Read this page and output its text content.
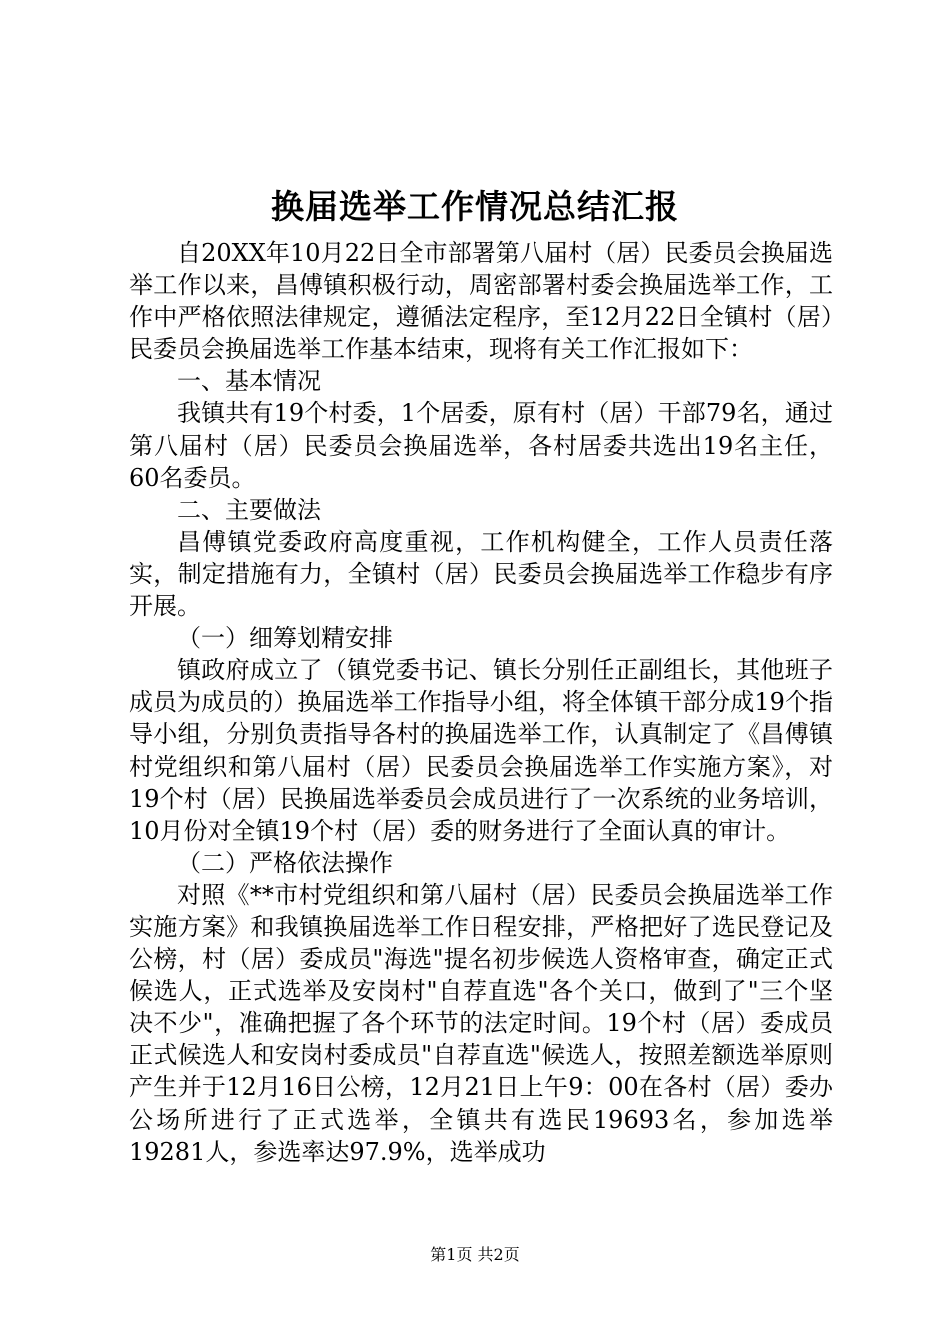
换届选举工作情况总结汇报

自20XX年10月22日全市部署第八届村（居）民委员会换届选举工作以来，昌傅镇积极行动，周密部署村委会换届选举工作，工作中严格依照法律规定，遵循法定程序，至12月22日全镇村（居）民委员会换届选举工作基本结束，现将有关工作汇报如下：

一、基本情况

我镇共有19个村委，1个居委，原有村（居）干部79名，通过第八届村（居）民委员会换届选举，各村居委共选出19名主任，60名委员。

二、主要做法

昌傅镇党委政府高度重视，工作机构健全，工作人员责任落实，制定措施有力，全镇村（居）民委员会换届选举工作稳步有序开展。

（一）细筹划精安排

镇政府成立了（镇党委书记、镇长分别任正副组长，其他班子成员为成员的）换届选举工作指导小组，将全体镇干部分成19个指导小组，分别负责指导各村的换届选举工作，认真制定了《昌傅镇村党组织和第八届村（居）民委员会换届选举工作实施方案》，对19个村（居）民换届选举委员会成员进行了一次系统的业务培训，10月份对全镇19个村（居）委的财务进行了全面认真的审计。

（二）严格依法操作

对照《**市村党组织和第八届村（居）民委员会换届选举工作实施方案》和我镇换届选举工作日程安排，严格把好了选民登记及公榜，村（居）委成员"海选"提名初步候选人资格审查，确定正式候选人，正式选举及安岗村"自荐直选"各个关口，做到了"三个坚决不少"，准确把握了各个环节的法定时间。19个村（居）委成员正式候选人和安岗村委成员"自荐直选"候选人，按照差额选举原则产生并于12月16日公榜，12月21日上午9：00在各村（居）委办公场所进行了正式选举，全镇共有选民19693名，参加选举19281人，参选率达97.9%，选举成功

第1页 共2页
